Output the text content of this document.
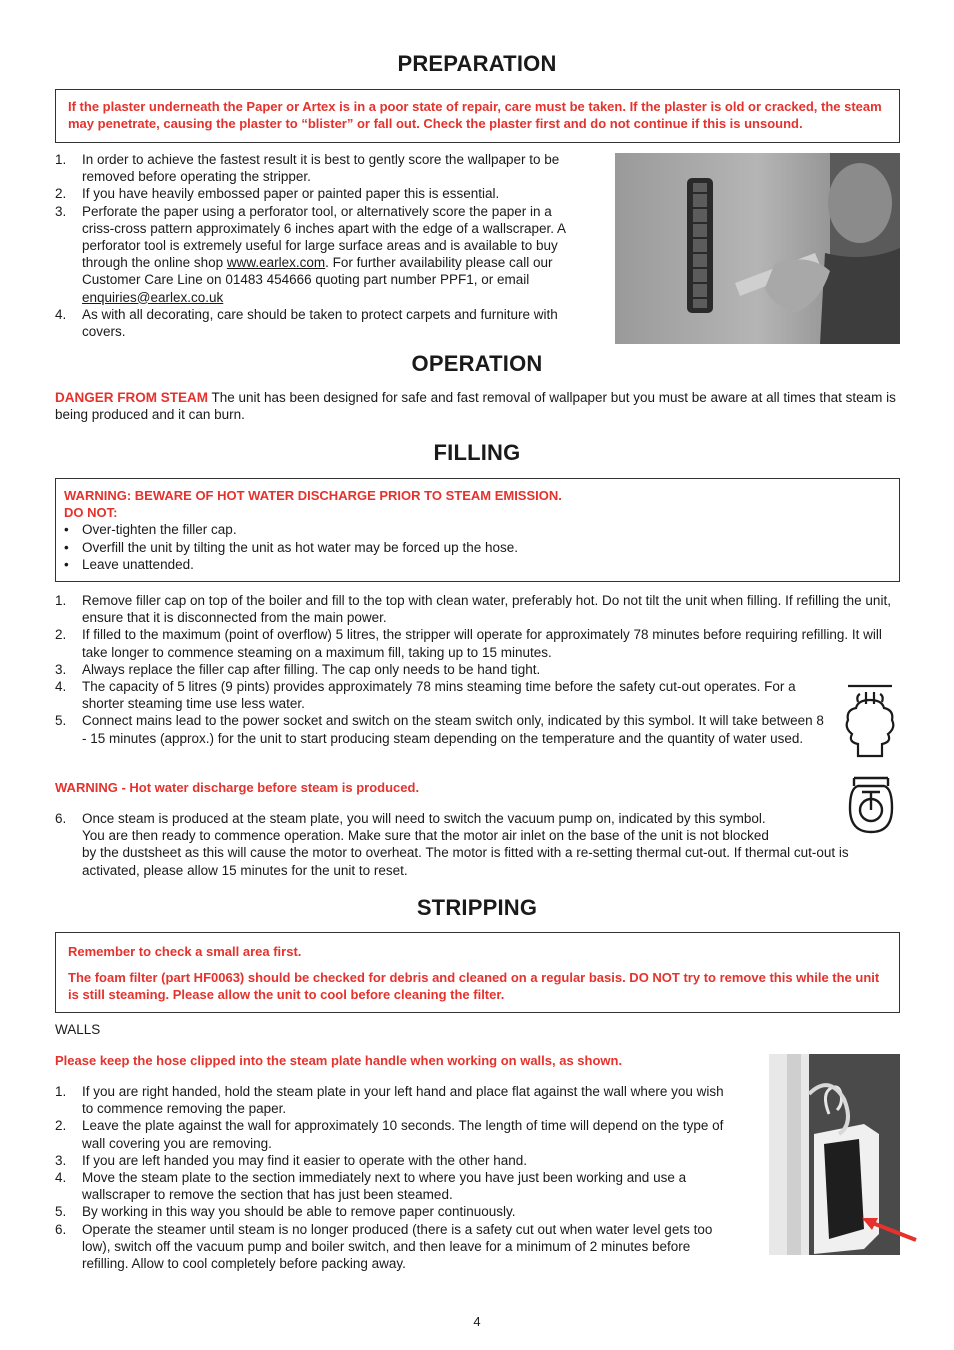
PREPARATION
If the plaster underneath the Paper or Artex is in a poor state of repair, care must be taken. If the plaster is old or cracked, the steam may penetrate, causing the plaster to “blister” or fall out. Check the plaster first and do not continue if this is unsound.
1. In order to achieve the fastest result it is best to gently score the wallpaper to be removed before operating the stripper.
2. If you have heavily embossed paper or painted paper this is essential.
3. Perforate the paper using a perforator tool, or alternatively score the paper in a criss-cross pattern approximately 6 inches apart with the edge of a wallscraper. A perforator tool is extremely useful for large surface areas and is available to buy through the online shop www.earlex.com. For further availability please call our Customer Care Line on 01483 454666 quoting part number PPF1, or email enquiries@earlex.co.uk
4. As with all decorating, care should be taken to protect carpets and furniture with covers.
OPERATION
DANGER FROM STEAM The unit has been designed for safe and fast removal of wallpaper but you must be aware at all times that steam is being produced and it can burn.
FILLING
WARNING: BEWARE OF HOT WATER DISCHARGE PRIOR TO STEAM EMISSION.
DO NOT:
• Over-tighten the filler cap.
• Overfill the unit by tilting the unit as hot water may be forced up the hose.
• Leave unattended.
1. Remove filler cap on top of the boiler and fill to the top with clean water, preferably hot. Do not tilt the unit when filling. If refilling the unit, ensure that it is disconnected from the main power.
2. If filled to the maximum (point of overflow) 5 litres, the stripper will operate for approximately 78 minutes before requiring refilling. It will take longer to commence steaming on a maximum fill, taking up to 15 minutes.
3. Always replace the filler cap after filling. The cap only needs to be hand tight.
4. The capacity of 5 litres (9 pints) provides approximately 78 mins steaming time before the safety cut-out operates. For a shorter steaming time use less water.
5. Connect mains lead to the power socket and switch on the steam switch only, indicated by this symbol. It will take between 8 - 15 minutes (approx.) for the unit to start producing steam depending on the temperature and the quantity of water used.
WARNING - Hot water discharge before steam is produced.
6. Once steam is produced at the steam plate, you will need to switch the vacuum pump on, indicated by this symbol.
You are then ready to commence operation. Make sure that the motor air inlet on the base of the unit is not blocked
by the dustsheet as this will cause the motor to overheat. The motor is fitted with a re-setting thermal cut-out. If thermal cut-out is activated, please allow 15 minutes for the unit to reset.
STRIPPING
Remember to check a small area first.
The foam filter (part HF0063) should be checked for debris and cleaned on a regular basis. DO NOT try to remove this while the unit is still steaming. Please allow the unit to cool before cleaning the filter.
WALLS
Please keep the hose clipped into the steam plate handle when working on walls, as shown.
1. If you are right handed, hold the steam plate in your left hand and place flat against the wall where you wish to commence removing the paper.
2. Leave the plate against the wall for approximately 10 seconds. The length of time will depend on the type of wall covering you are removing.
3. If you are left handed you may find it easier to operate with the other hand.
4. Move the steam plate to the section immediately next to where you have just been working and use a wallscraper to remove the section that has just been steamed.
5. By working in this way you should be able to remove paper continuously.
6. Operate the steamer until steam is no longer produced (there is a safety cut out when water level gets too low), switch off the vacuum pump and boiler switch, and then leave for a minimum of 2 minutes before refilling. Allow to cool completely before packing away.
4
